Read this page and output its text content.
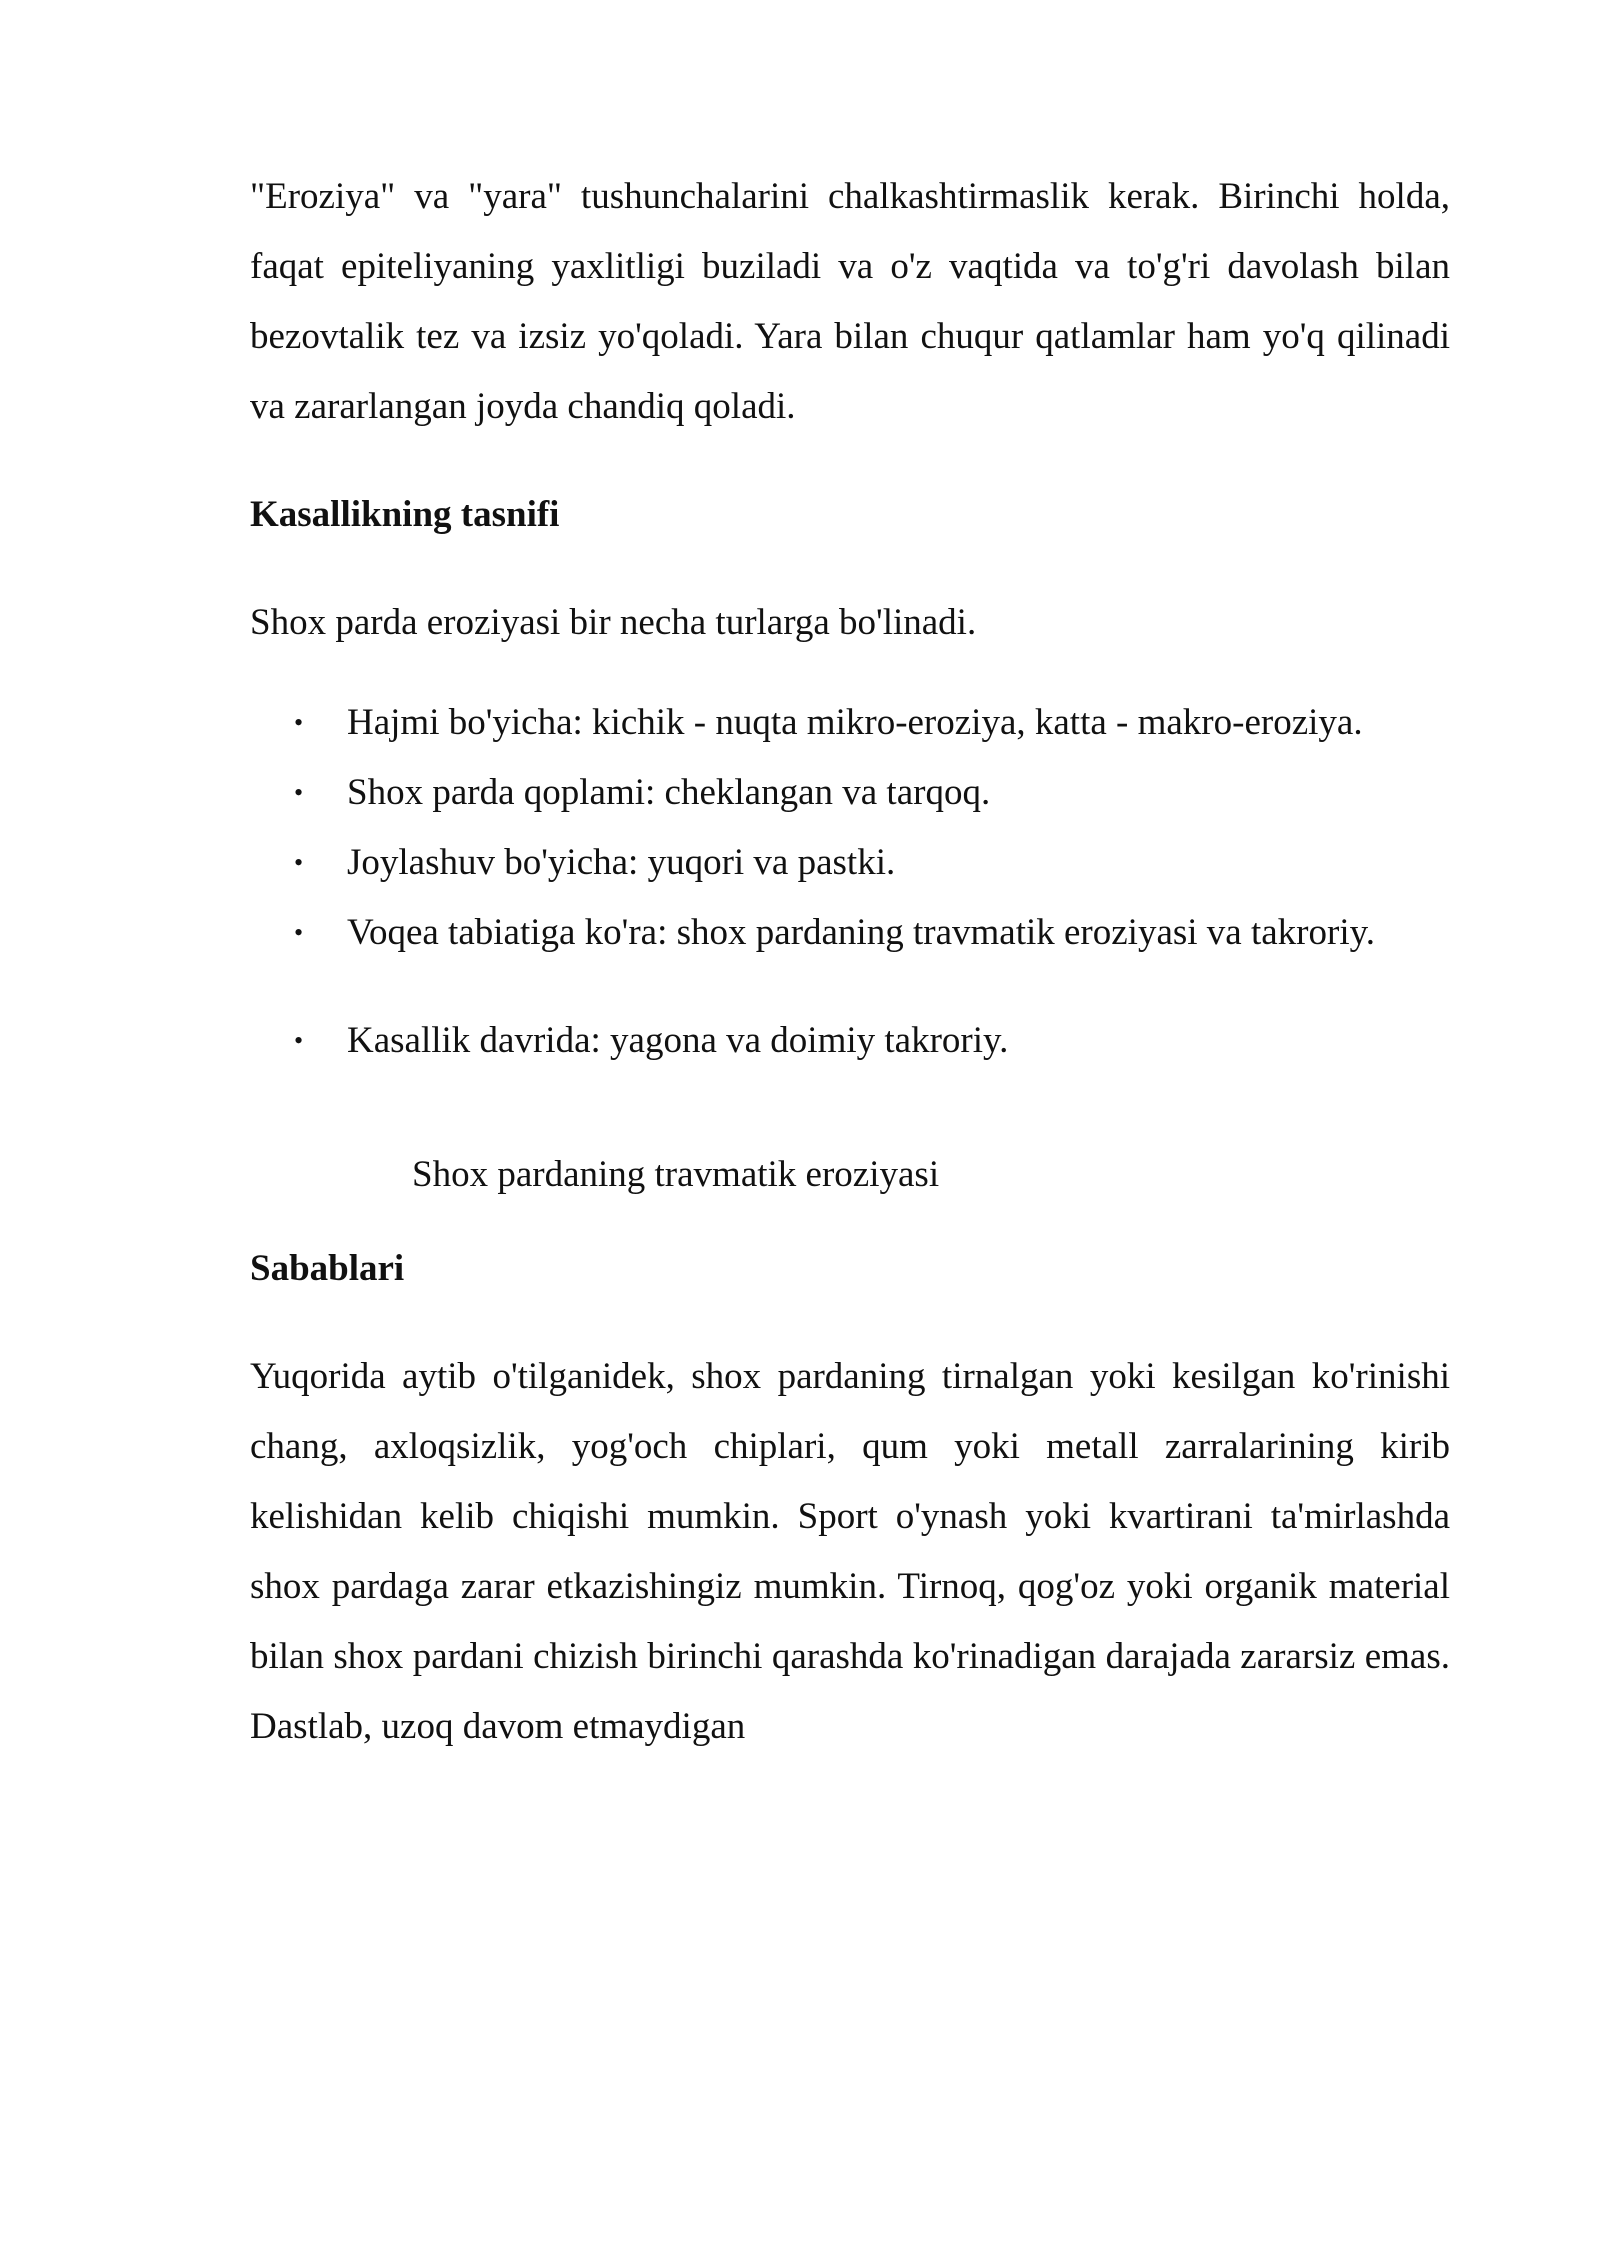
"Eroziya" va "yara" tushunchalarini chalkashtirmaslik kerak. Birinchi holda, faqat epiteliyaning yaxlitligi buziladi va o'z vaqtida va to'g'ri davolash bilan bezovtalik tez va izsiz yo'qoladi. Yara bilan chuqur qatlamlar ham yo'q qilinadi va zararlangan joyda chandiq qoladi.

Kasallikning tasnifi

Shox parda eroziyasi bir necha turlarga bo'linadi.

• Hajmi bo'yicha: kichik - nuqta mikro-eroziya, katta - makro-eroziya.
• Shox parda qoplami: cheklangan va tarqoq.
• Joylashuv bo'yicha: yuqori va pastki.
• Voqea tabiatiga ko'ra: shox pardaning travmatik eroziyasi va takroriy.
• Kasallik davrida: yagona va doimiy takroriy.

Shox pardaning travmatik eroziyasi

Sabablari

Yuqorida aytib o'tilganidek, shox pardaning tirnalgan yoki kesilgan ko'rinishi chang, axloqsizlik, yog'och chiplari, qum yoki metall zarralarining kirib kelishidan kelib chiqishi mumkin. Sport o'ynash yoki kvartirani ta'mirlashda shox pardaga zarar etkazishingiz mumkin. Tirnoq, qog'oz yoki organik material bilan shox pardani chizish birinchi qarashda ko'rinadigan darajada zararsiz emas. Dastlab, uzoq davom etmaydigan
